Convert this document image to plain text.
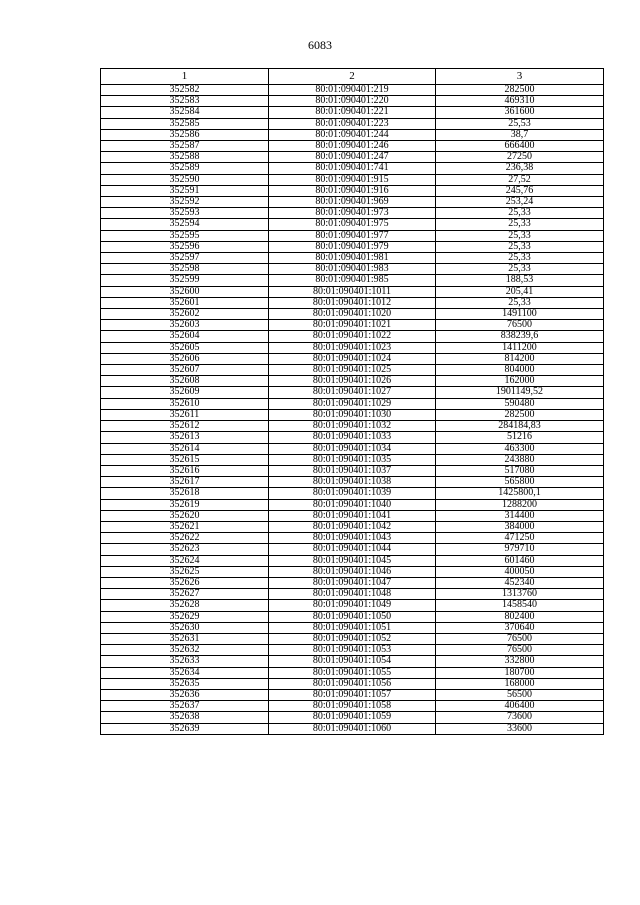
6083
1	2	3
352582	80:01:090401:219	282500
352583	80:01:090401:220	469310
352584	80:01:090401:221	361600
352585	80:01:090401:223	25,53
352586	80:01:090401:244	38,7
352587	80:01:090401:246	666400
352588	80:01:090401:247	27250
352589	80:01:090401:741	236,38
352590	80:01:090401:915	27,52
352591	80:01:090401:916	245,76
352592	80:01:090401:969	253,24
352593	80:01:090401:973	25,33
352594	80:01:090401:975	25,33
352595	80:01:090401:977	25,33
352596	80:01:090401:979	25,33
352597	80:01:090401:981	25,33
352598	80:01:090401:983	25,33
352599	80:01:090401:985	188,53
352600	80:01:090401:1011	205,41
352601	80:01:090401:1012	25,33
352602	80:01:090401:1020	1491100
352603	80:01:090401:1021	76500
352604	80:01:090401:1022	838239,6
352605	80:01:090401:1023	1411200
352606	80:01:090401:1024	814200
352607	80:01:090401:1025	804000
352608	80:01:090401:1026	162000
352609	80:01:090401:1027	1901149,52
352610	80:01:090401:1029	590480
352611	80:01:090401:1030	282500
352612	80:01:090401:1032	284184,83
352613	80:01:090401:1033	51216
352614	80:01:090401:1034	463300
352615	80:01:090401:1035	243880
352616	80:01:090401:1037	517080
352617	80:01:090401:1038	565800
352618	80:01:090401:1039	1425800,1
352619	80:01:090401:1040	1288200
352620	80:01:090401:1041	314400
352621	80:01:090401:1042	384000
352622	80:01:090401:1043	471250
352623	80:01:090401:1044	979710
352624	80:01:090401:1045	601460
352625	80:01:090401:1046	400050
352626	80:01:090401:1047	452340
352627	80:01:090401:1048	1313760
352628	80:01:090401:1049	1458540
352629	80:01:090401:1050	802400
352630	80:01:090401:1051	370640
352631	80:01:090401:1052	76500
352632	80:01:090401:1053	76500
352633	80:01:090401:1054	332800
352634	80:01:090401:1055	180700
352635	80:01:090401:1056	168000
352636	80:01:090401:1057	56500
352637	80:01:090401:1058	406400
352638	80:01:090401:1059	73600
352639	80:01:090401:1060	33600
